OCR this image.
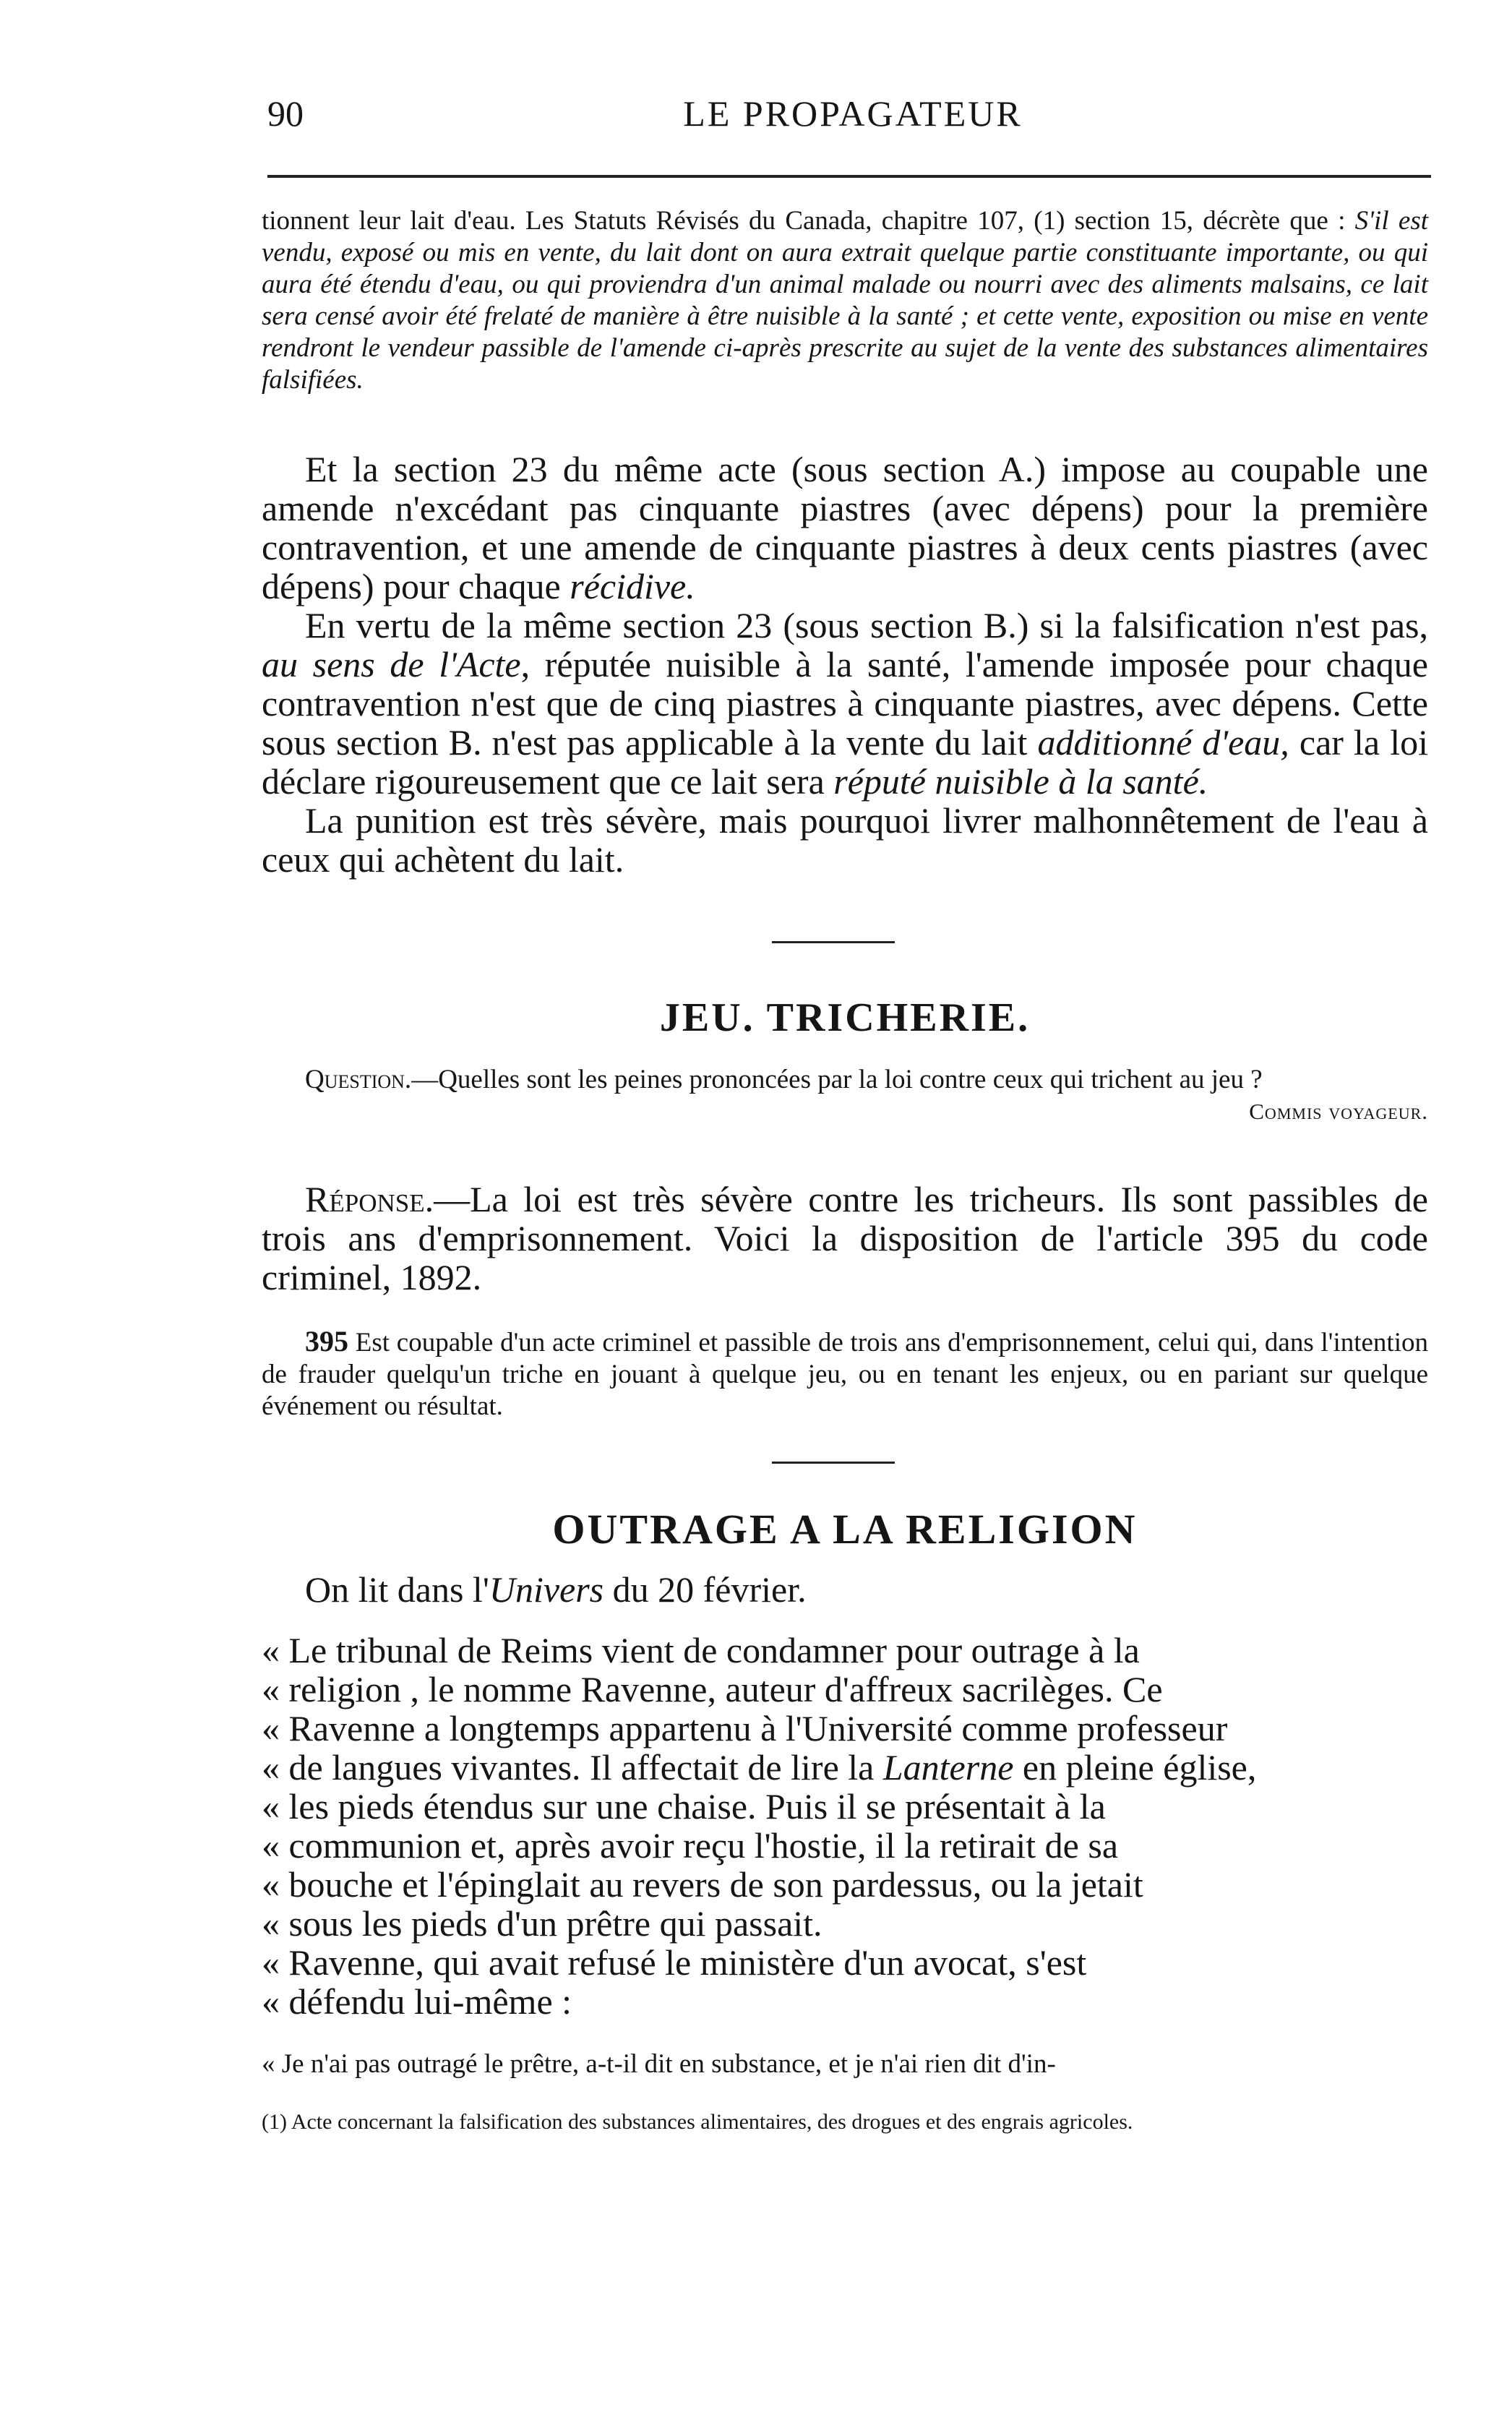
90	LE PROPAGATEUR

tionnent leur lait d'eau. Les Statuts Révisés du Canada, chapitre 107, (1) section 15, décrète que : S'il est vendu, exposé ou mis en vente, du lait dont on aura extrait quelque partie constituante importante, ou qui aura été étendu d'eau, ou qui proviendra d'un animal malade ou nourri avec des aliments malsains, ce lait sera censé avoir été frelaté de manière à être nuisible à la santé ; et cette vente, exposition ou mise en vente rendront le vendeur passible de l'amende ci-après prescrite au sujet de la vente des substances alimentaires falsifiées.

Et la section 23 du même acte (sous section A.) impose au coupable une amende n'excédant pas cinquante piastres (avec dépens) pour la première contravention, et une amende de cinquante piastres à deux cents piastres (avec dépens) pour chaque récidive.

En vertu de la même section 23 (sous section B.) si la falsification n'est pas, au sens de l'Acte, réputée nuisible à la santé, l'amende imposée pour chaque contravention n'est que de cinq piastres à cinquante piastres, avec dépens. Cette sous section B. n'est pas applicable à la vente du lait additionné d'eau, car la loi déclare rigoureusement que ce lait sera réputé nuisible à la santé.

La punition est très sévère, mais pourquoi livrer malhonnêtement de l'eau à ceux qui achètent du lait.

JEU. TRICHERIE.

Question.—Quelles sont les peines prononcées par la loi contre ceux qui trichent au jeu ?

Commis voyageur.

Réponse.—La loi est très sévère contre les tricheurs. Ils sont passibles de trois ans d'emprisonnement. Voici la disposition de l'article 395 du code criminel, 1892.

395 Est coupable d'un acte criminel et passible de trois ans d'emprisonnement, celui qui, dans l'intention de frauder quelqu'un triche en jouant à quelque jeu, ou en tenant les enjeux, ou en pariant sur quelque événement ou résultat.

OUTRAGE A LA RELIGION

On lit dans l'Univers du 20 février.

« Le tribunal de Reims vient de condamner pour outrage à la

« religion , le nomme Ravenne, auteur d'affreux sacrilèges. Ce

« Ravenne a longtemps appartenu à l'Université comme professeur

« de langues vivantes. Il affectait de lire la Lanterne en pleine église,

« les pieds étendus sur une chaise. Puis il se présentait à la

« communion et, après avoir reçu l'hostie, il la retirait de sa

« bouche et l'épinglait au revers de son pardessus, ou la jetait

« sous les pieds d'un prêtre qui passait.

« Ravenne, qui avait refusé le ministère d'un avocat, s'est

« défendu lui-même :

« Je n'ai pas outragé le prêtre, a-t-il dit en substance, et je n'ai rien dit d'in-

(1) Acte concernant la falsification des substances alimentaires, des drogues et des engrais agricoles.
